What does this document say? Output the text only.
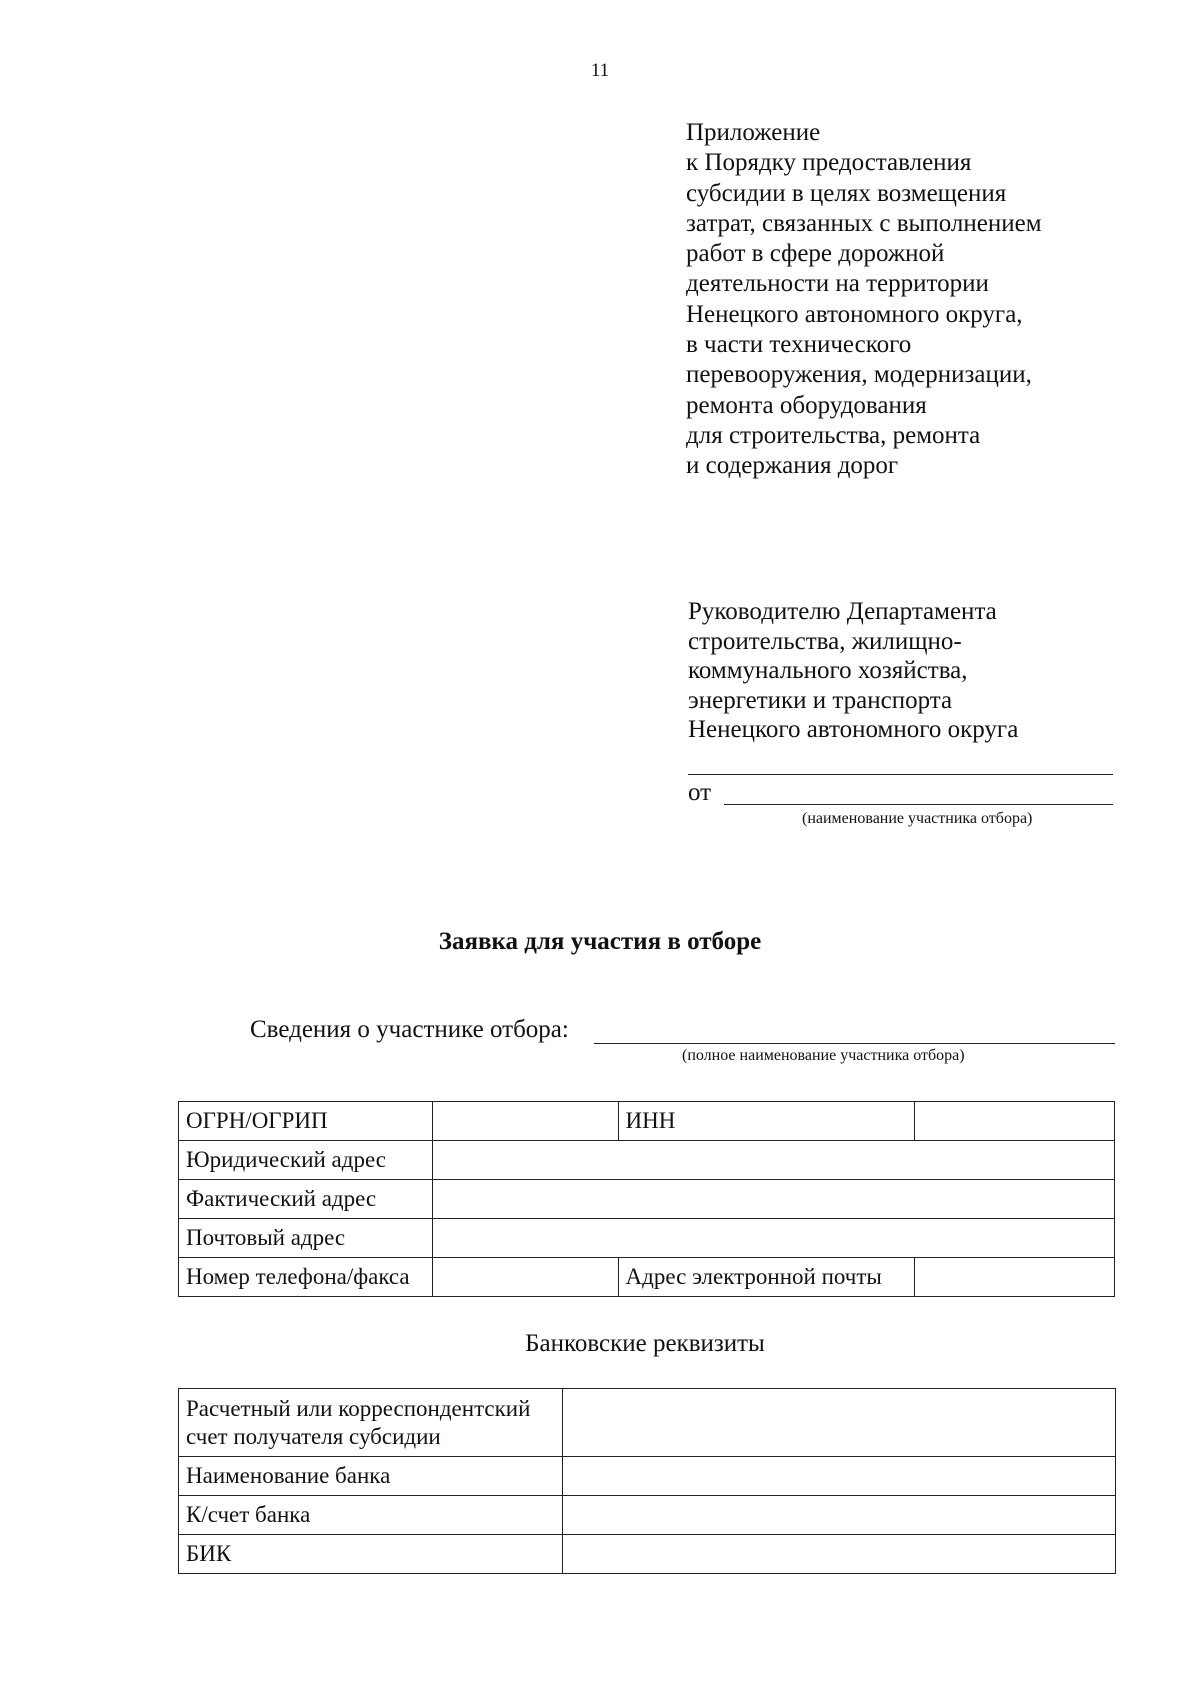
11
Приложение
к Порядку предоставления
субсидии в целях возмещения
затрат, связанных с выполнением
работ в сфере дорожной
деятельности на территории
Ненецкого автономного округа,
в части технического
перевооружения, модернизации,
ремонта оборудования
для строительства, ремонта
и содержания дорог
Руководителю Департамента
строительства, жилищно-
коммунального хозяйства,
энергетики и транспорта
Ненецкого автономного округа
от
(наименование участника отбора)
Заявка для участия в отборе
Сведения о участнике отбора:
(полное наименование участника отбора)
ОГРН/ОГРИП		ИНН	
Юридический адрес			
Фактический адрес			
Почтовый адрес			
Номер телефона/факса		Адрес электронной почты	
Банковские реквизиты
Расчетный или корреспондентский
счет получателя субсидии	

Наименование банка	
К/счет банка	
БИК	
